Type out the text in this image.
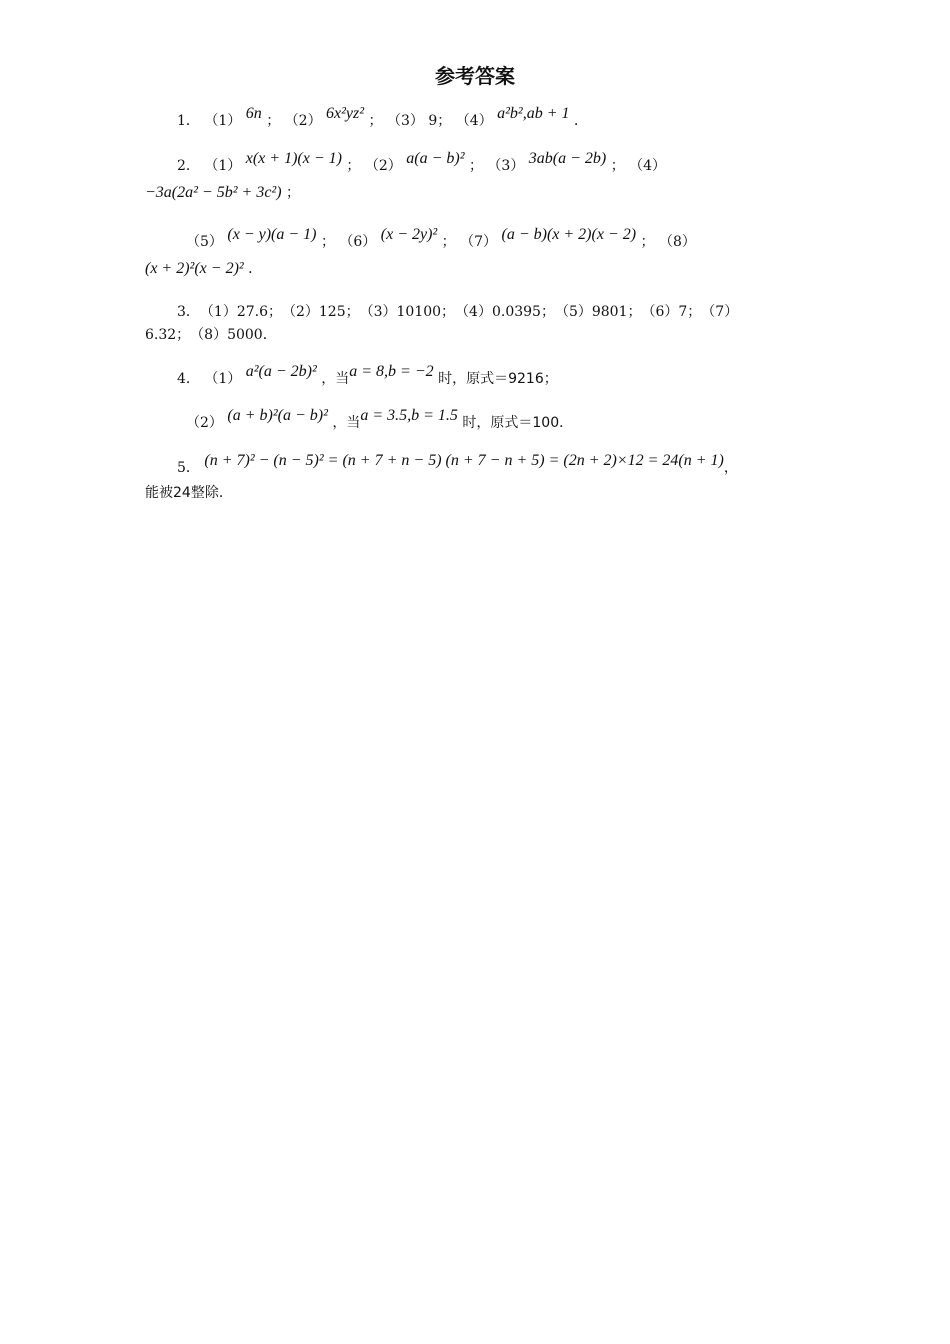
参考答案
1． （1） 6n ； （2） 6x²yz² ； （3） 9； （4） a²b²,ab + 1 ．
2． （1） x(x + 1)(x − 1) ； （2） a(a − b)² ； （3） 3ab(a − 2b) ； （4）
−3a(2a² − 5b² + 3c²) ；
（5） (x − y)(a − 1) ； （6） (x − 2y)² ； （7） (a − b)(x + 2)(x − 2) ； （8）
(x + 2)²(x − 2)² ．
3．　（1）27.6；　（2）125；　（3）10100；　（4）0.0395；　（5）9801；　（6）7；　（7）
6.32；　（8）5000．
4． （1） a²(a − 2b)² ，当a = 8,b = −2 时，原式＝9216；
（2） (a + b)²(a − b)² ，当a = 3.5,b = 1.5 时，原式＝100．
5． (n + 7)² − (n − 5)² = (n + 7 + n − 5) (n + 7 − n + 5) = (2n + 2)×12 = 24(n + 1)，
能被24整除．
